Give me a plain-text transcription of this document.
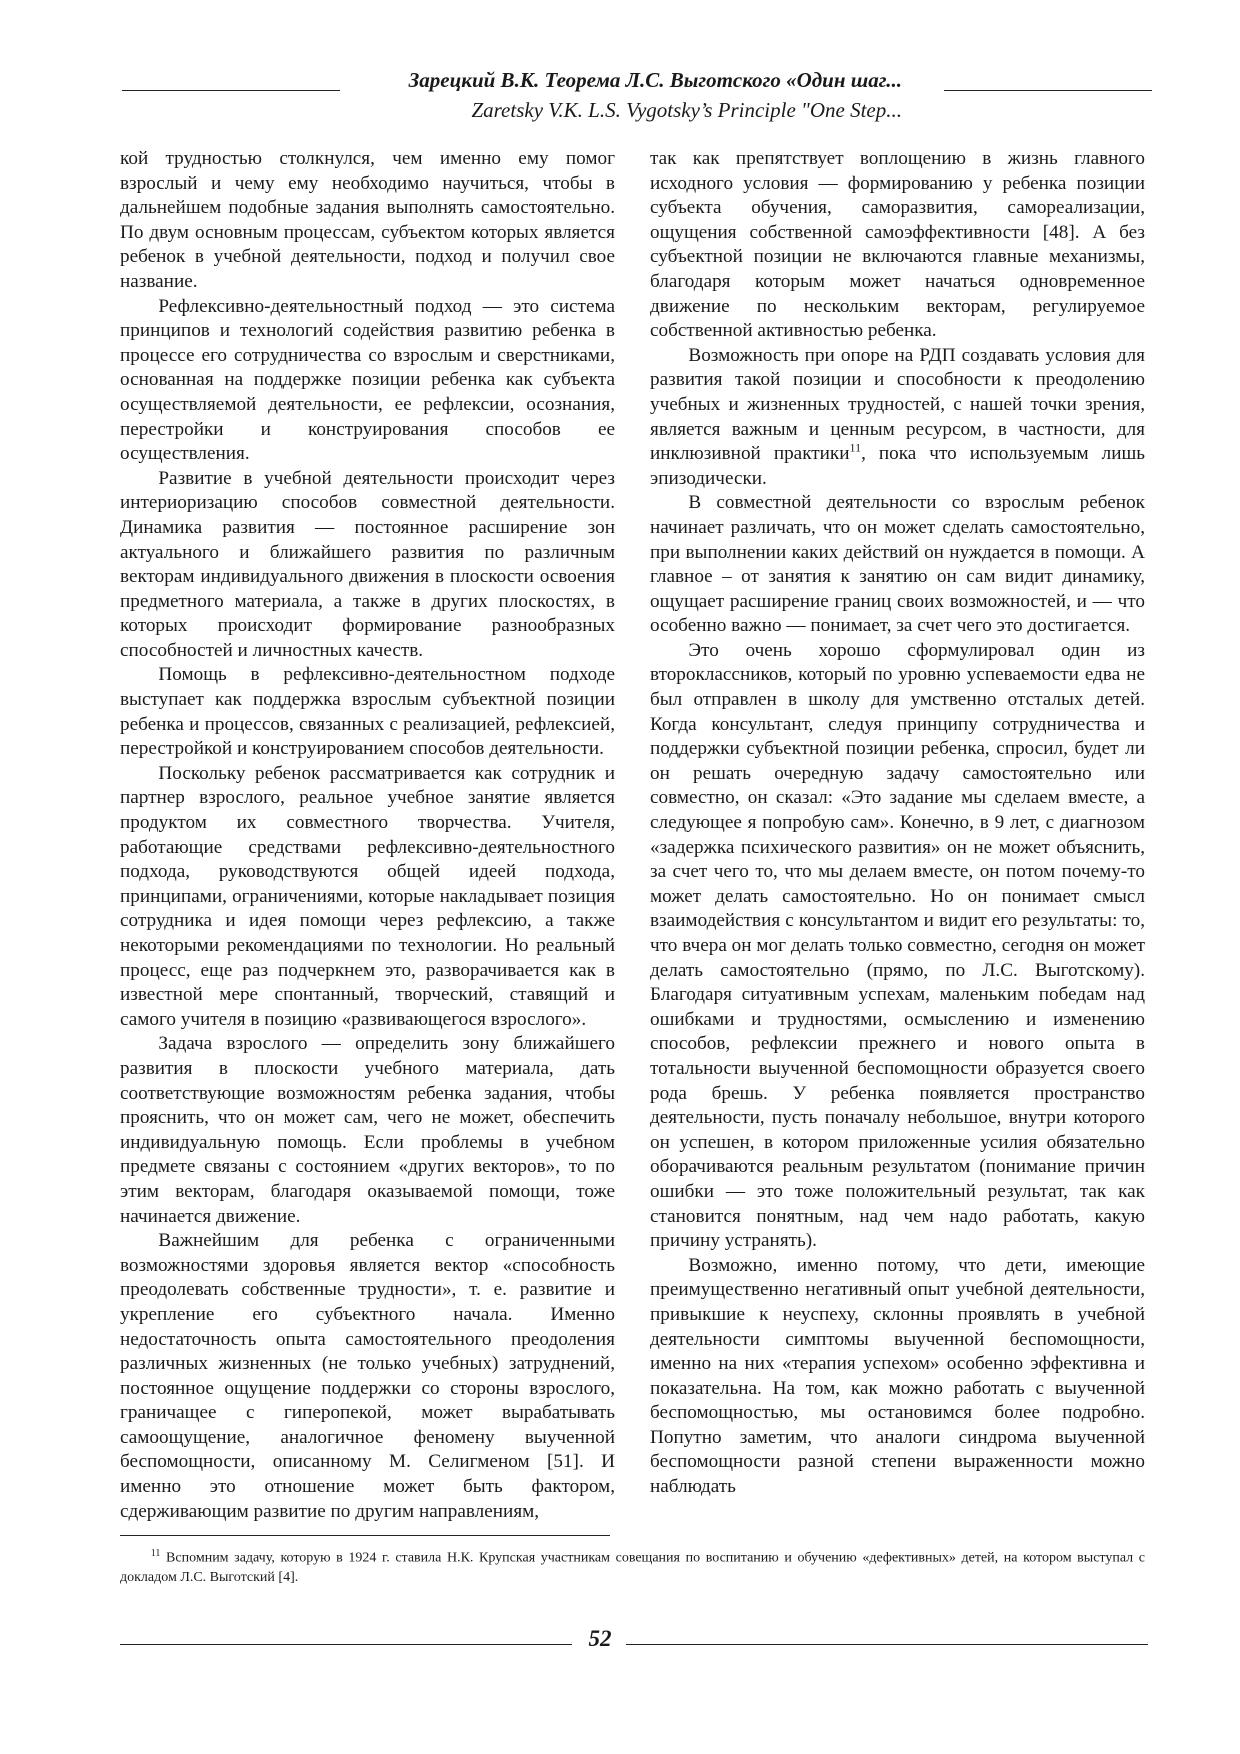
Зарецкий В.К. Теорема Л.С. Выготского «Один шаг...
Zaretsky V.K. L.S. Vygotsky’s Principle "One Step...

кой трудностью столкнулся, чем именно ему помог взрослый и чему ему необходимо научиться, чтобы в дальнейшем подобные задания выполнять самостоятельно. По двум основным процессам, субъектом которых является ребенок в учебной деятельности, подход и получил свое название.

Рефлексивно-деятельностный подход — это система принципов и технологий содействия развитию ребенка в процессе его сотрудничества со взрослым и сверстниками, основанная на поддержке позиции ребенка как субъекта осуществляемой деятельности, ее рефлексии, осознания, перестройки и конструирования способов ее осуществления.

Развитие в учебной деятельности происходит через интериоризацию способов совместной деятельности. Динамика развития — постоянное расширение зон актуального и ближайшего развития по различным векторам индивидуального движения в плоскости освоения предметного материала, а также в других плоскостях, в которых происходит формирование разнообразных способностей и личностных качеств.

Помощь в рефлексивно-деятельностном подходе выступает как поддержка взрослым субъектной позиции ребенка и процессов, связанных с реализацией, рефлексией, перестройкой и конструированием способов деятельности.

Поскольку ребенок рассматривается как сотрудник и партнер взрослого, реальное учебное занятие является продуктом их совместного творчества. Учителя, работающие средствами рефлексивно-деятельностного подхода, руководствуются общей идеей подхода, принципами, ограничениями, которые накладывает позиция сотрудника и идея помощи через рефлексию, а также некоторыми рекомендациями по технологии. Но реальный процесс, еще раз подчеркнем это, разворачивается как в известной мере спонтанный, творческий, ставящий и самого учителя в позицию «развивающегося взрослого».

Задача взрослого — определить зону ближайшего развития в плоскости учебного материала, дать соответствующие возможностям ребенка задания, чтобы прояснить, что он может сам, чего не может, обеспечить индивидуальную помощь. Если проблемы в учебном предмете связаны с состоянием «других векторов», то по этим векторам, благодаря оказываемой помощи, тоже начинается движение.

Важнейшим для ребенка с ограниченными возможностями здоровья является вектор «способность преодолевать собственные трудности», т. е. развитие и укрепление его субъектного начала. Именно недостаточность опыта самостоятельного преодоления различных жизненных (не только учебных) затруднений, постоянное ощущение поддержки со стороны взрослого, граничащее с гиперопекой, может вырабатывать самоощущение, аналогичное феномену выученной беспомощности, описанному М. Селигменом [51]. И именно это отношение может быть фактором, сдерживающим развитие по другим направлениям,

так как препятствует воплощению в жизнь главного исходного условия — формированию у ребенка позиции субъекта обучения, саморазвития, самореализации, ощущения собственной самоэффективности [48]. А без субъектной позиции не включаются главные механизмы, благодаря которым может начаться одновременное движение по нескольким векторам, регулируемое собственной активностью ребенка.

Возможность при опоре на РДП создавать условия для развития такой позиции и способности к преодолению учебных и жизненных трудностей, с нашей точки зрения, является важным и ценным ресурсом, в частности, для инклюзивной практики$^{11}$, пока что используемым лишь эпизодически.

В совместной деятельности со взрослым ребенок начинает различать, что он может сделать самостоятельно, при выполнении каких действий он нуждается в помощи. А главное – от занятия к занятию он сам видит динамику, ощущает расширение границ своих возможностей, и — что особенно важно — понимает, за счет чего это достигается.

Это очень хорошо сформулировал один из второклассников, который по уровню успеваемости едва не был отправлен в школу для умственно отсталых детей. Когда консультант, следуя принципу сотрудничества и поддержки субъектной позиции ребенка, спросил, будет ли он решать очередную задачу самостоятельно или совместно, он сказал: «Это задание мы сделаем вместе, а следующее я попробую сам». Конечно, в 9 лет, с диагнозом «задержка психического развития» он не может объяснить, за счет чего то, что мы делаем вместе, он потом почему-то может делать самостоятельно. Но он понимает смысл взаимодействия с консультантом и видит его результаты: то, что вчера он мог делать только совместно, сегодня он может делать самостоятельно (прямо, по Л.С. Выготскому). Благодаря ситуативным успехам, маленьким победам над ошибками и трудностями, осмыслению и изменению способов, рефлексии прежнего и нового опыта в тотальности выученной беспомощности образуется своего рода брешь. У ребенка появляется пространство деятельности, пусть поначалу небольшое, внутри которого он успешен, в котором приложенные усилия обязательно оборачиваются реальным результатом (понимание причин ошибки — это тоже положительный результат, так как становится понятным, над чем надо работать, какую причину устранять).

Возможно, именно потому, что дети, имеющие преимущественно негативный опыт учебной деятельности, привыкшие к неуспеху, склонны проявлять в учебной деятельности симптомы выученной беспомощности, именно на них «терапия успехом» особенно эффективна и показательна. На том, как можно работать с выученной беспомощностью, мы остановимся более подробно. Попутно заметим, что аналоги синдрома выученной беспомощности разной степени выраженности можно наблюдать

$^{11}$ Вспомним задачу, которую в 1924 г. ставила Н.К. Крупская участникам совещания по воспитанию и обучению «дефективных» детей, на котором выступал с докладом Л.С. Выготский [4].
52
